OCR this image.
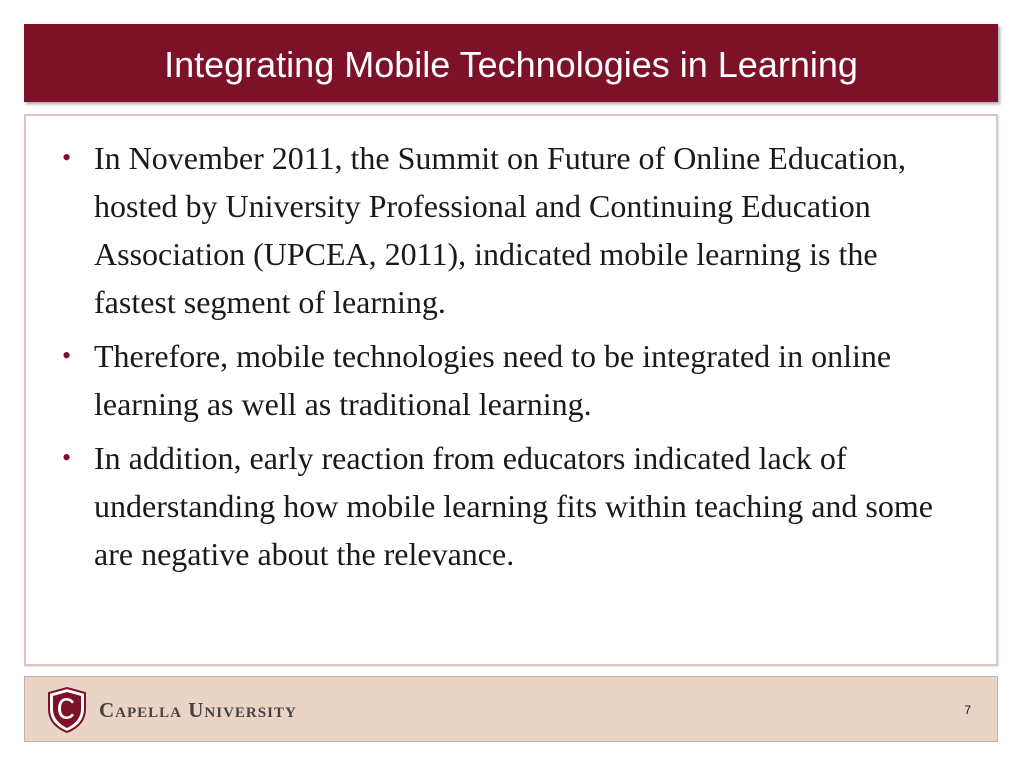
Integrating Mobile Technologies in Learning
• In November 2011, the Summit on Future of Online Education, hosted by University Professional and Continuing Education Association (UPCEA, 2011), indicated mobile learning is the fastest segment of learning.
• Therefore, mobile technologies need to be integrated in online learning as well as traditional learning.
• In addition, early reaction from educators indicated lack of understanding how mobile learning fits within teaching and some are negative about the relevance.
Capella University	7
